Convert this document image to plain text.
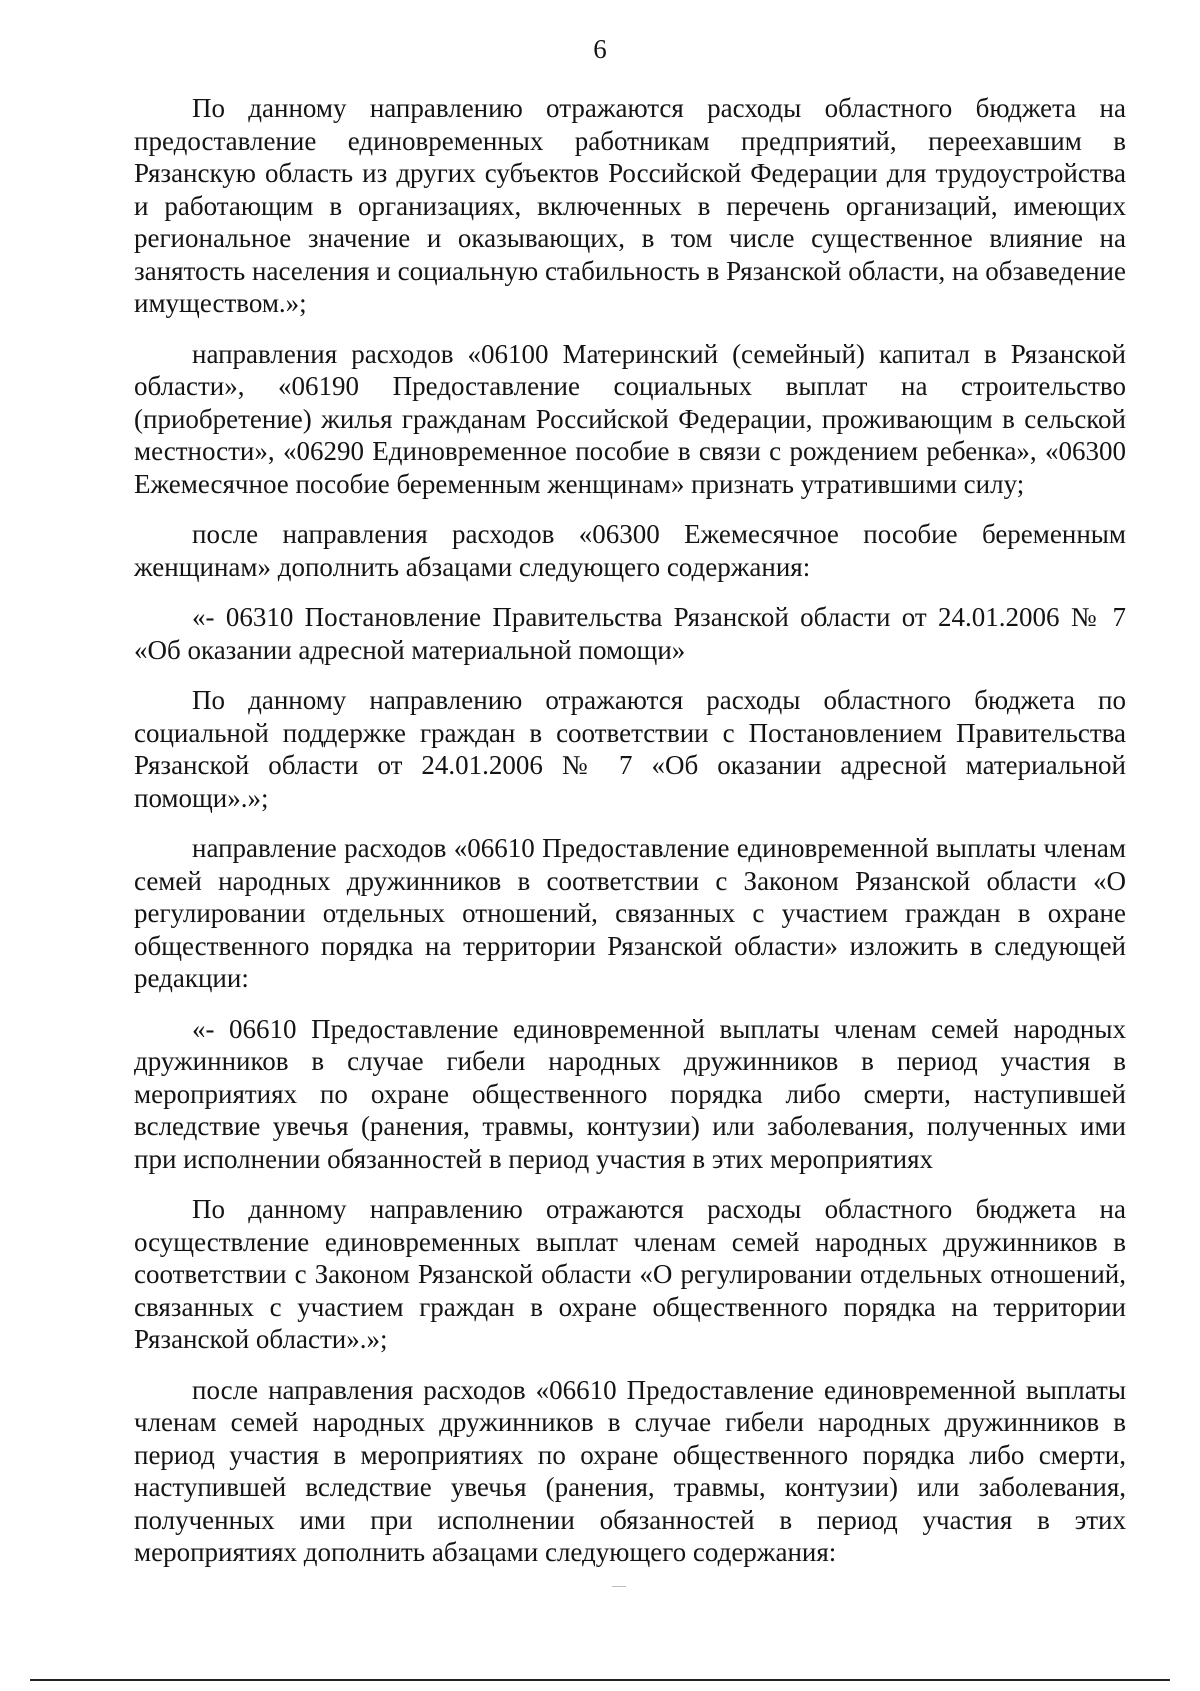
6

По данному направлению отражаются расходы областного бюджета на предоставление единовременных работникам предприятий, переехавшим в Рязанскую область из других субъектов Российской Федерации для трудоустройства и работающим в организациях, включенных в перечень организаций, имеющих региональное значение и оказывающих, в том числе существенное влияние на занятость населения и социальную стабильность в Рязанской области, на обзаведение имуществом.»;

направления расходов «06100 Материнский (семейный) капитал в Рязанской области», «06190 Предоставление социальных выплат на строительство (приобретение) жилья гражданам Российской Федерации, проживающим в сельской местности», «06290 Единовременное пособие в связи с рождением ребенка», «06300 Ежемесячное пособие беременным женщинам» признать утратившими силу;

после направления расходов «06300 Ежемесячное пособие беременным женщинам» дополнить абзацами следующего содержания:

«- 06310 Постановление Правительства Рязанской области от 24.01.2006 № 7 «Об оказании адресной материальной помощи»

По данному направлению отражаются расходы областного бюджета по социальной поддержке граждан в соответствии с Постановлением Правительства Рязанской области от 24.01.2006 № 7 «Об оказании адресной материальной помощи».»;

направление расходов «06610 Предоставление единовременной выплаты членам семей народных дружинников в соответствии с Законом Рязанской области «О регулировании отдельных отношений, связанных с участием граждан в охране общественного порядка на территории Рязанской области» изложить в следующей редакции:

«- 06610 Предоставление единовременной выплаты членам семей народных дружинников в случае гибели народных дружинников в период участия в мероприятиях по охране общественного порядка либо смерти, наступившей вследствие увечья (ранения, травмы, контузии) или заболевания, полученных ими при исполнении обязанностей в период участия в этих мероприятиях

По данному направлению отражаются расходы областного бюджета на осуществление единовременных выплат членам семей народных дружинников в соответствии с Законом Рязанской области «О регулировании отдельных отношений, связанных с участием граждан в охране общественного порядка на территории Рязанской области».»;

после направления расходов «06610 Предоставление единовременной выплаты членам семей народных дружинников в случае гибели народных дружинников в период участия в мероприятиях по охране общественного порядка либо смерти, наступившей вследствие увечья (ранения, травмы, контузии) или заболевания, полученных ими при исполнении обязанностей в период участия в этих мероприятиях дополнить абзацами следующего содержания:
